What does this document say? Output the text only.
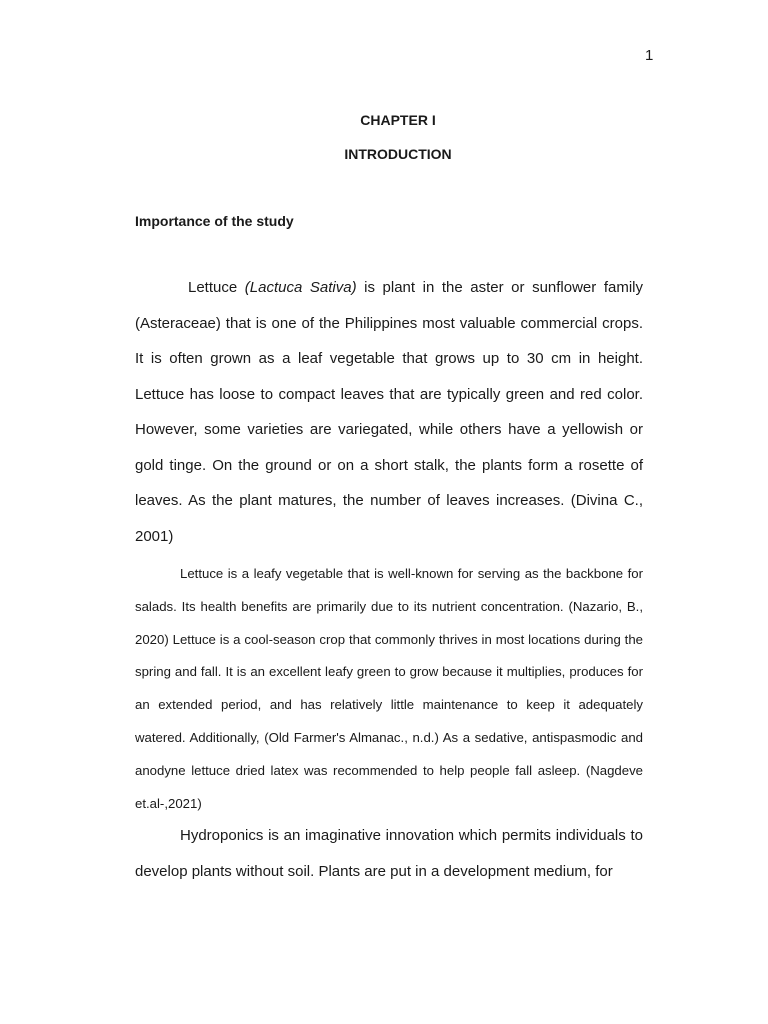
1
CHAPTER I
INTRODUCTION
Importance of the study

Lettuce (Lactuca Sativa) is plant in the aster or sunflower family (Asteraceae) that is one of the Philippines most valuable commercial crops. It is often grown as a leaf vegetable that grows up to 30 cm in height. Lettuce has loose to compact leaves that are typically green and red color. However, some varieties are variegated, while others have a yellowish or gold tinge. On the ground or on a short stalk, the plants form a rosette of leaves. As the plant matures, the number of leaves increases. (Divina C., 2001)

Lettuce is a leafy vegetable that is well-known for serving as the backbone for salads. Its health benefits are primarily due to its nutrient concentration. (Nazario, B., 2020) Lettuce is a cool-season crop that commonly thrives in most locations during the spring and fall. It is an excellent leafy green to grow because it multiplies, produces for an extended period, and has relatively little maintenance to keep it adequately watered. Additionally, (Old Farmer's Almanac., n.d.) As a sedative, antispasmodic and anodyne lettuce dried latex was recommended to help people fall asleep. (Nagdeve et.al-,2021)

Hydroponics is an imaginative innovation which permits individuals to develop plants without soil. Plants are put in a development medium, for
